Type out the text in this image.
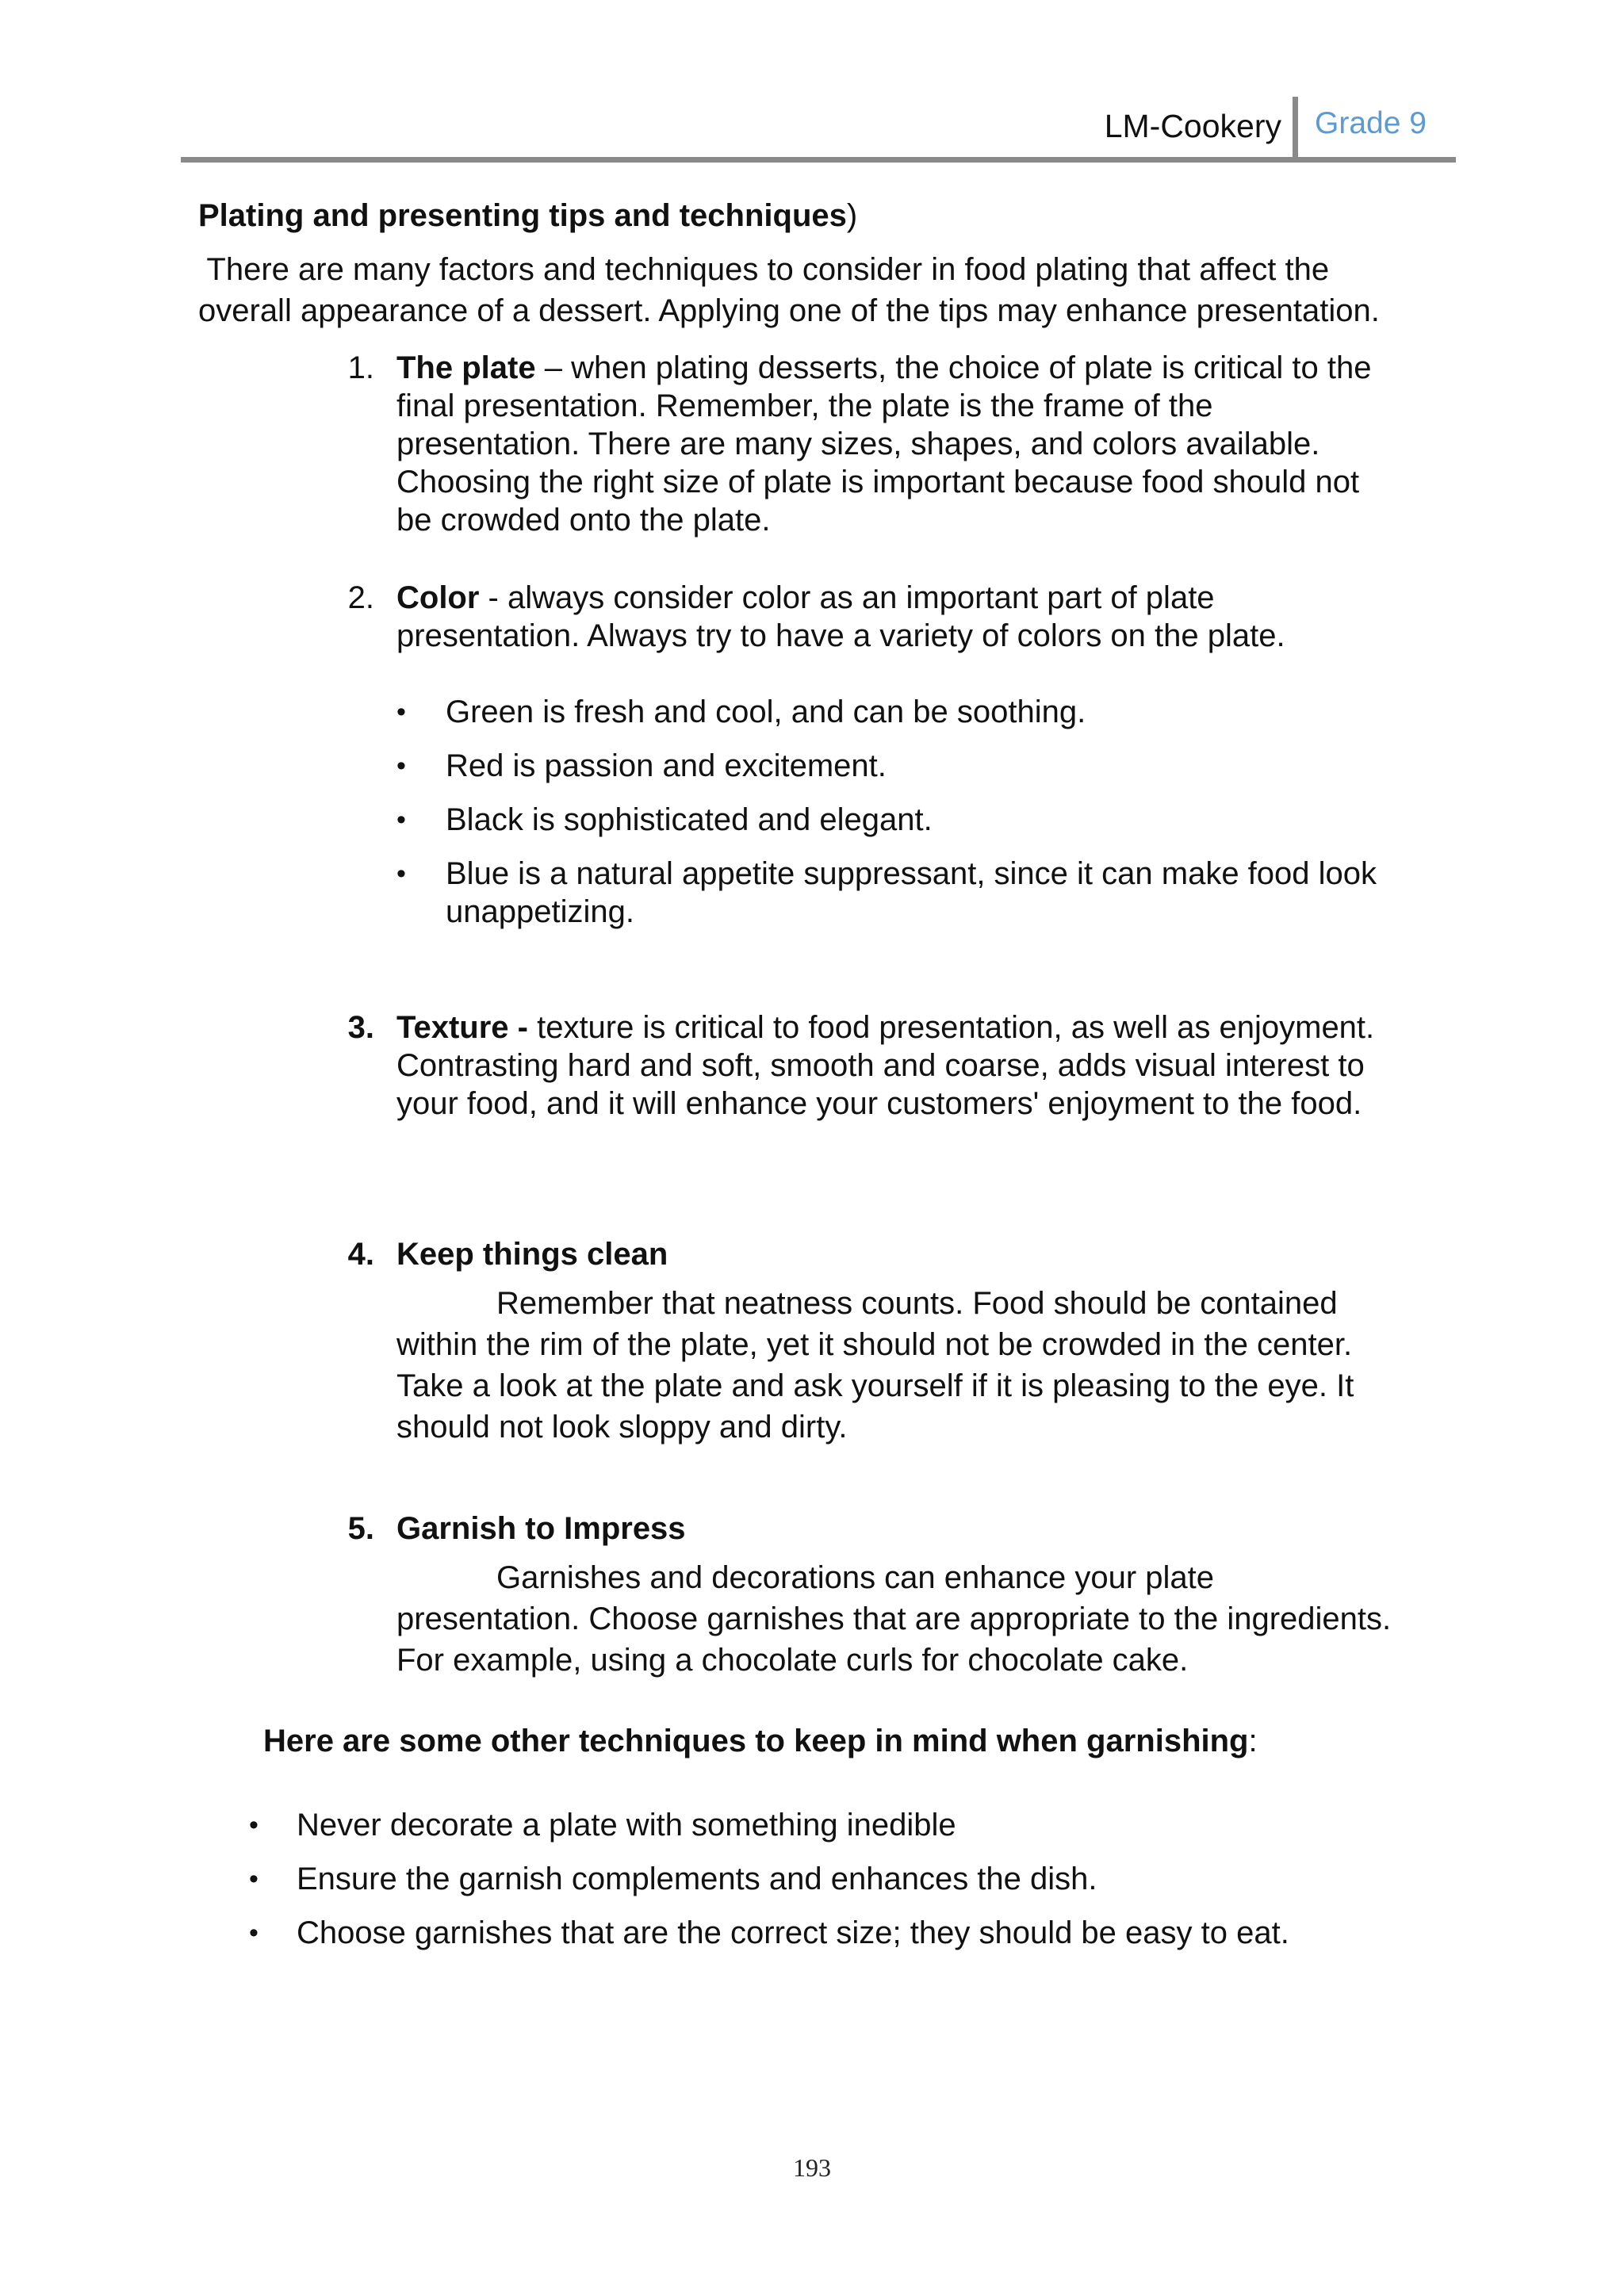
LM-Cookery Grade 9
Plating and presenting tips and techniques)
There are many factors and techniques to consider in food plating that affect the
overall appearance of a dessert. Applying one of the tips may enhance presentation.
1. The plate – when plating desserts, the choice of plate is critical to the
final presentation. Remember, the plate is the frame of the
presentation. There are many sizes, shapes, and colors available.
Choosing the right size of plate is important because food should not
be crowded onto the plate.
2. Color - always consider color as an important part of plate
presentation. Always try to have a variety of colors on the plate.
• Green is fresh and cool, and can be soothing.
• Red is passion and excitement.
• Black is sophisticated and elegant.
• Blue is a natural appetite suppressant, since it can make food look
unappetizing.
3. Texture - texture is critical to food presentation, as well as enjoyment.
Contrasting hard and soft, smooth and coarse, adds visual interest to
your food, and it will enhance your customers' enjoyment to the food.
4. Keep things clean
Remember that neatness counts. Food should be contained
within the rim of the plate, yet it should not be crowded in the center.
Take a look at the plate and ask yourself if it is pleasing to the eye. It
should not look sloppy and dirty.
5. Garnish to Impress
Garnishes and decorations can enhance your plate
presentation. Choose garnishes that are appropriate to the ingredients.
For example, using a chocolate curls for chocolate cake.
Here are some other techniques to keep in mind when garnishing:
• Never decorate a plate with something inedible
• Ensure the garnish complements and enhances the dish.
• Choose garnishes that are the correct size; they should be easy to eat.
193
